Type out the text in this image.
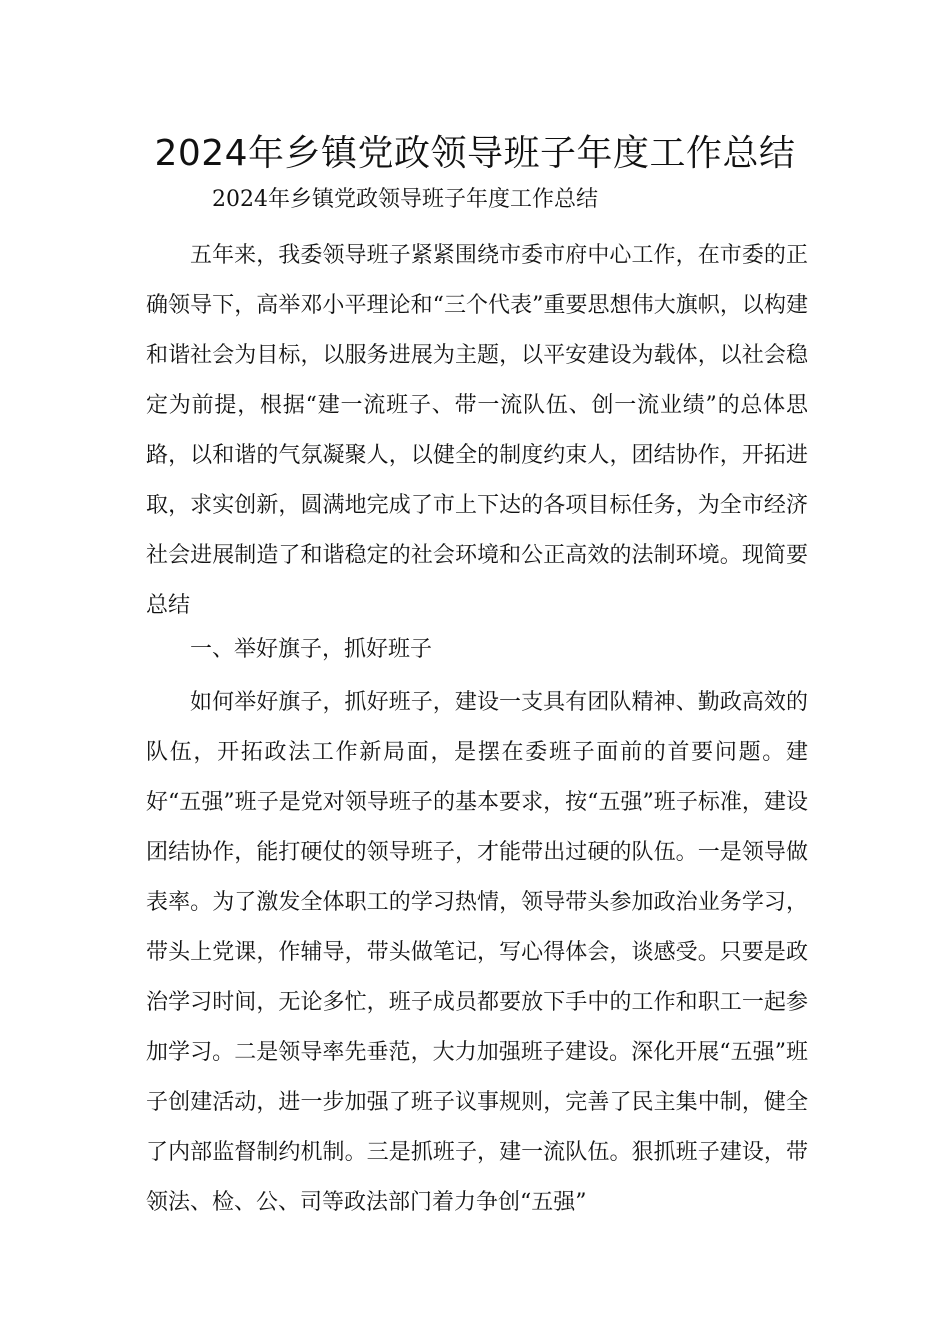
2024年乡镇党政领导班子年度工作总结
2024年乡镇党政领导班子年度工作总结

五年来，我委领导班子紧紧围绕市委市府中心工作，在市委的正确领导下，高举邓小平理论和“三个代表”重要思想伟大旗帜，以构建和谐社会为目标，以服务进展为主题，以平安建设为载体，以社会稳定为前提，根据“建一流班子、带一流队伍、创一流业绩”的总体思路，以和谐的气氛凝聚人，以健全的制度约束人，团结协作，开拓进取，求实创新，圆满地完成了市上下达的各项目标任务，为全市经济社会进展制造了和谐稳定的社会环境和公正高效的法制环境。现简要总结

一、举好旗子，抓好班子

如何举好旗子，抓好班子，建设一支具有团队精神、勤政高效的队伍，开拓政法工作新局面，是摆在委班子面前的首要问题。建好“五强”班子是党对领导班子的基本要求，按“五强”班子标准，建设团结协作，能打硬仗的领导班子，才能带出过硬的队伍。一是领导做表率。为了激发全体职工的学习热情，领导带头参加政治业务学习，带头上党课，作辅导，带头做笔记，写心得体会，谈感受。只要是政治学习时间，无论多忙，班子成员都要放下手中的工作和职工一起参加学习。二是领导率先垂范，大力加强班子建设。深化开展“五强”班子创建活动，进一步加强了班子议事规则，完善了民主集中制，健全了内部监督制约机制。三是抓班子，建一流队伍。狠抓班子建设，带领法、检、公、司等政法部门着力争创“五强”
